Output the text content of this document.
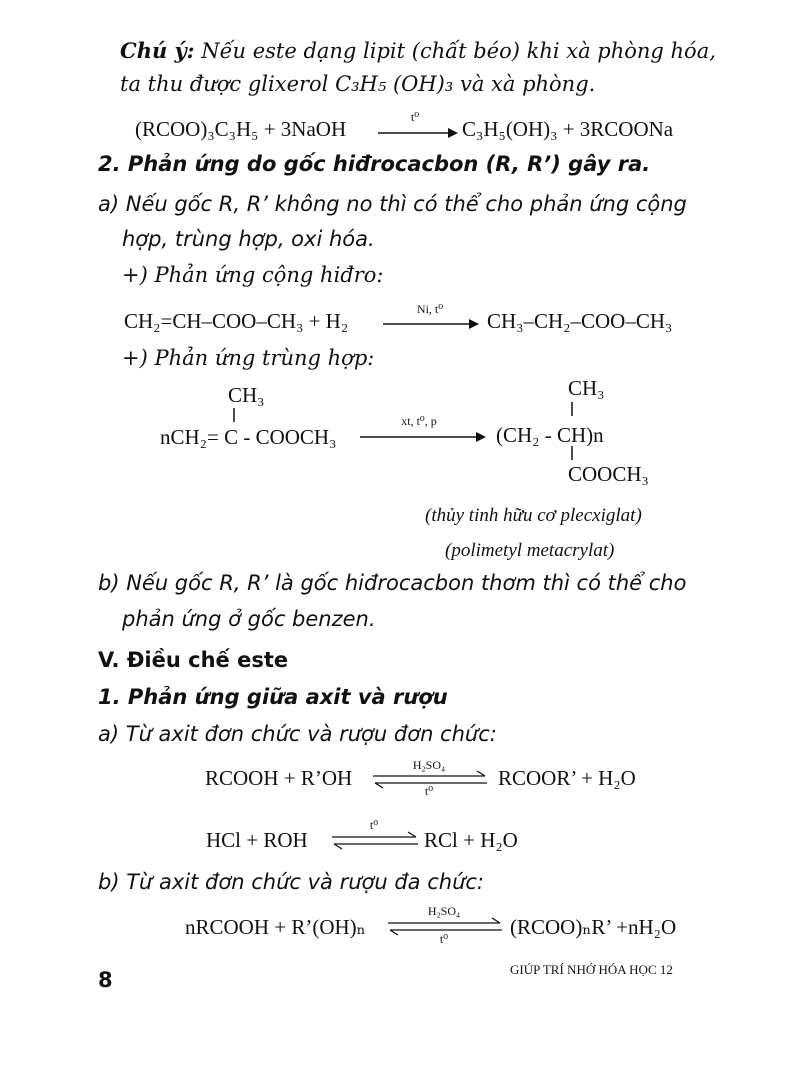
Chú ý: Nếu este dạng lipit (chất béo) khi xà phòng hóa,
ta thu được glixerol C₃H₅ (OH)₃ và xà phòng.
(RCOO)₃C₃H₅ + 3NaOH	t⁰	C₃H₅(OH)₃ + 3RCOONa
2. Phản ứng do gốc hiđrocacbon (R, R’) gây ra.
a) Nếu gốc R, R’ không no thì có thể cho phản ứng cộng
hợp, trùng hợp, oxi hóa.
+) Phản ứng cộng hiđro:
CH₂=CH–COO–CH₃ + H₂	Ni, t⁰	CH₃–CH₂–COO–CH₃
+) Phản ứng trùng hợp:
CH₃
nCH₂= C - COOCH₃
xt, t⁰, p
CH₃
(CH₂ - CH)n
COOCH₃
(thủy tinh hữu cơ plecxiglat)
(polimetyl metacrylat)
b) Nếu gốc R, R’ là gốc hiđrocacbon thơm thì có thể cho
phản ứng ở gốc benzen.
V. Điều chế este
1. Phản ứng giữa axit và rượu
a) Từ axit đơn chức và rượu đơn chức:
RCOOH + R’OH
H₂SO₄
t⁰
RCOOR’ + H₂O
HCl + ROH
t⁰
RCl + H₂O
b) Từ axit đơn chức và rượu đa chức:
nRCOOH + R’(OH)ₙ
H₂SO₄
t⁰	(RCOO)ₙR’ +nH₂O
8	GIÚP TRÍ NHỚ HÓA HỌC 12
